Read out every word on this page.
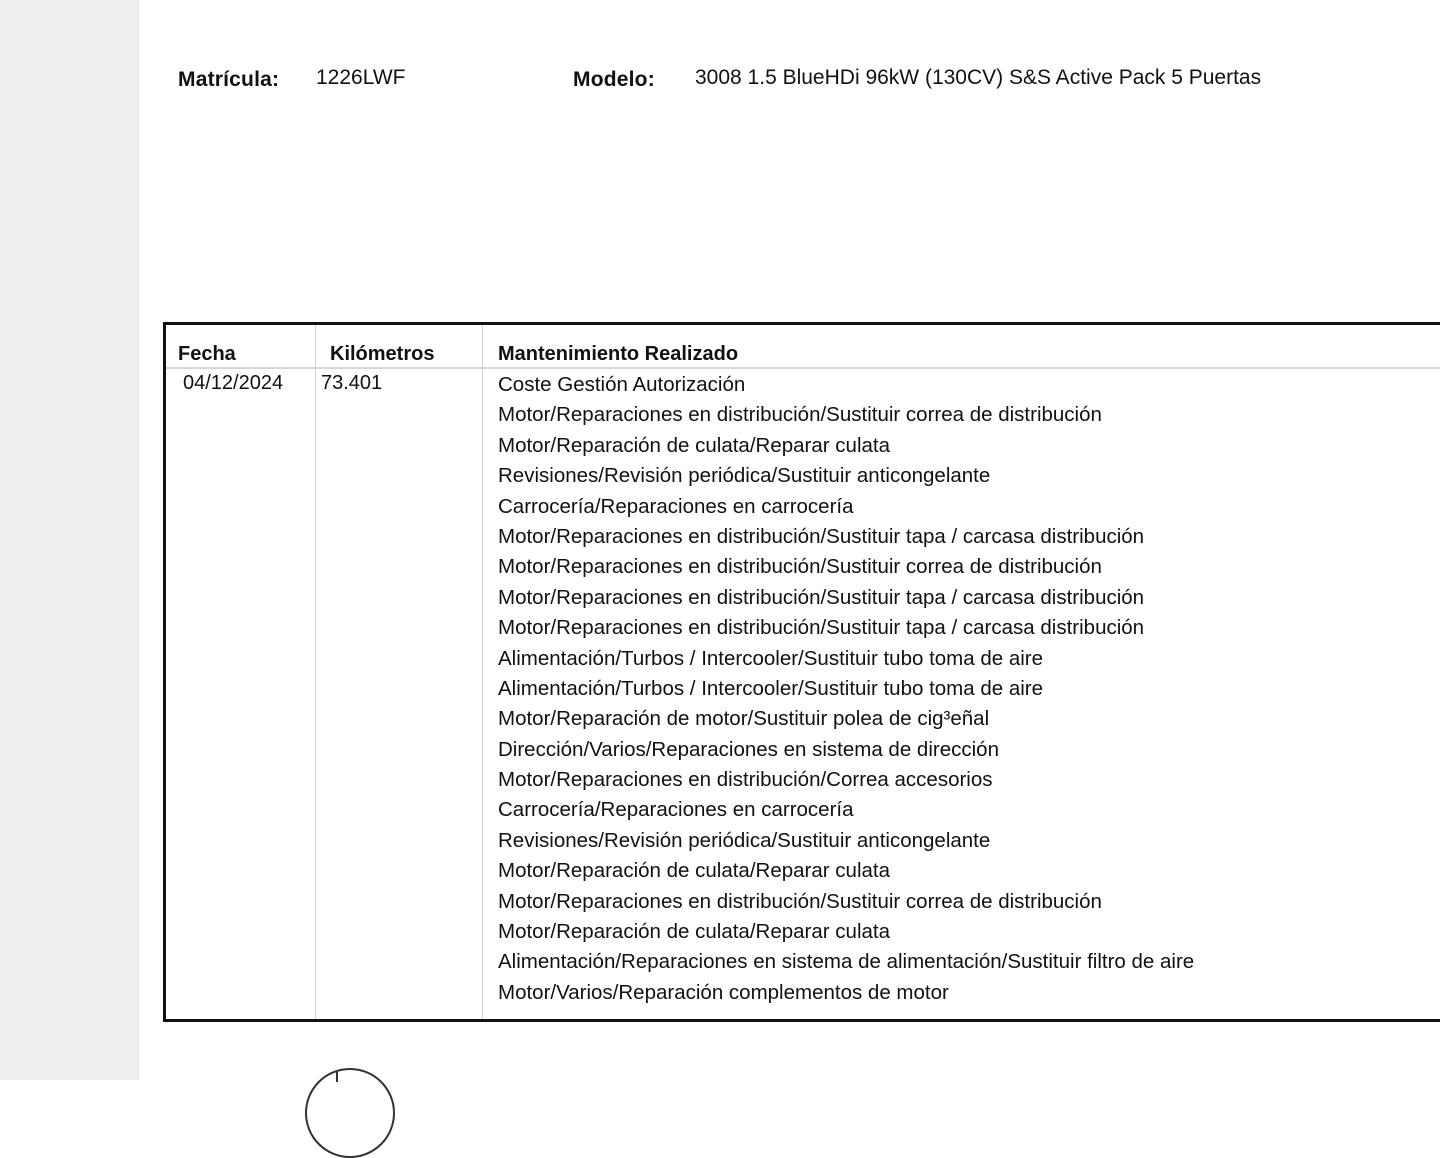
Matrícula: 1226LWF	Modelo: 3008 1.5 BlueHDi 96kW (130CV) S&S Active Pack 5 Puertas
Fecha	Kilómetros	Mantenimiento Realizado
04/12/2024 73.401	Coste Gestión Autorización
Motor/Reparaciones en distribución/Sustituir correa de distribución
Motor/Reparación de culata/Reparar culata
Revisiones/Revisión periódica/Sustituir anticongelante
Carrocería/Reparaciones en carrocería
Motor/Reparaciones en distribución/Sustituir tapa / carcasa distribución
Motor/Reparaciones en distribución/Sustituir correa de distribución
Motor/Reparaciones en distribución/Sustituir tapa / carcasa distribución
Motor/Reparaciones en distribución/Sustituir tapa / carcasa distribución
Alimentación/Turbos / Intercooler/Sustituir tubo toma de aire
Alimentación/Turbos / Intercooler/Sustituir tubo toma de aire
Motor/Reparación de motor/Sustituir polea de cig³eñal
Dirección/Varios/Reparaciones en sistema de dirección
Motor/Reparaciones en distribución/Correa accesorios
Carrocería/Reparaciones en carrocería
Revisiones/Revisión periódica/Sustituir anticongelante
Motor/Reparación de culata/Reparar culata
Motor/Reparaciones en distribución/Sustituir correa de distribución
Motor/Reparación de culata/Reparar culata
Alimentación/Reparaciones en sistema de alimentación/Sustituir filtro de aire
Motor/Varios/Reparación complementos de motor
